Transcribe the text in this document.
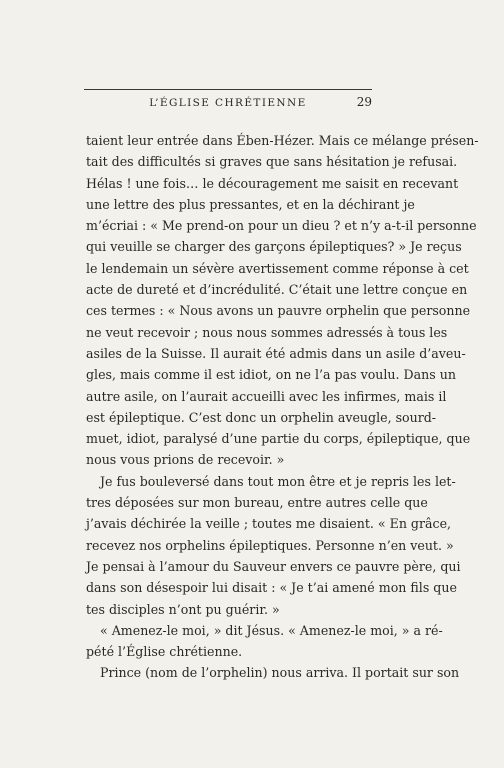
L’ÉGLISE CHRÉTIENNE	29
taient leur entrée dans Ében-Hézer. Mais ce mélange présen-
tait des difficultés si graves que sans hésitation je refusai.
Hélas ! une fois… le découragement me saisit en recevant
une lettre des plus pressantes, et en la déchirant je
m’écriai : « Me prend-on pour un dieu ? et n’y a-t-il personne
qui veuille se charger des garçons épileptiques? » Je reçus
le lendemain un sévère avertissement comme réponse à cet
acte de dureté et d’incrédulité. C’était une lettre conçue en
ces termes : « Nous avons un pauvre orphelin que personne
ne veut recevoir ; nous nous sommes adressés à tous les
asiles de la Suisse. Il aurait été admis dans un asile d’aveu-
gles, mais comme il est idiot, on ne l’a pas voulu. Dans un
autre asile, on l’aurait accueilli avec les infirmes, mais il
est épileptique. C’est donc un orphelin aveugle, sourd-
muet, idiot, paralysé d’une partie du corps, épileptique, que
nous vous prions de recevoir. »
Je fus bouleversé dans tout mon être et je repris les let-
tres déposées sur mon bureau, entre autres celle que
j’avais déchirée la veille ; toutes me disaient. « En grâce,
recevez nos orphelins épileptiques. Personne n’en veut. »
Je pensai à l’amour du Sauveur envers ce pauvre père, qui
dans son désespoir lui disait : « Je t’ai amené mon fils que
tes disciples n’ont pu guérir. »
« Amenez-le moi, » dit Jésus. « Amenez-le moi, » a ré-
pété l’Église chrétienne.
Prince (nom de l’orphelin) nous arriva. Il portait sur son
